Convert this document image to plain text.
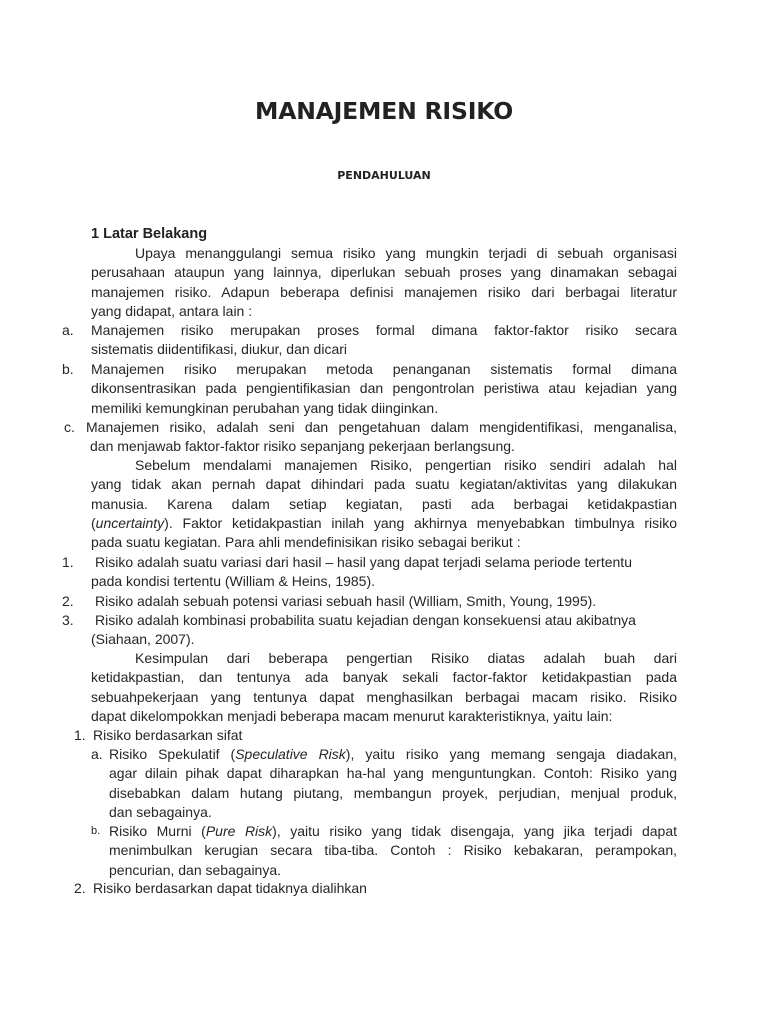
MANAJEMEN RISIKO
PENDAHULUAN
1 Latar Belakang
Upaya menanggulangi semua risiko yang mungkin terjadi di sebuah organisasi
perusahaan ataupun yang lainnya, diperlukan sebuah proses yang dinamakan sebagai
manajemen risiko. Adapun beberapa definisi manajemen risiko dari berbagai literatur
yang didapat, antara lain :
a. Manajemen risiko merupakan proses formal dimana faktor-faktor risiko secara
sistematis diidentifikasi, diukur, dan dicari
b. Manajemen risiko merupakan metoda penanganan sistematis formal dimana
dikonsentrasikan pada pengientifikasian dan pengontrolan peristiwa atau kejadian yang
memiliki kemungkinan perubahan yang tidak diinginkan.
c. Manajemen risiko, adalah seni dan pengetahuan dalam mengidentifikasi, menganalisa,
dan menjawab faktor-faktor risiko sepanjang pekerjaan berlangsung.
Sebelum mendalami manajemen Risiko, pengertian risiko sendiri adalah hal
yang tidak akan pernah dapat dihindari pada suatu kegiatan/aktivitas yang dilakukan
manusia. Karena dalam setiap kegiatan, pasti ada berbagai ketidakpastian
(uncertainty). Faktor ketidakpastian inilah yang akhirnya menyebabkan timbulnya risiko
pada suatu kegiatan. Para ahli mendefinisikan risiko sebagai berikut :
1. Risiko adalah suatu variasi dari hasil – hasil yang dapat terjadi selama periode tertentu
pada kondisi tertentu (William & Heins, 1985).
2. Risiko adalah sebuah potensi variasi sebuah hasil (William, Smith, Young, 1995).
3. Risiko adalah kombinasi probabilita suatu kejadian dengan konsekuensi atau akibatnya
(Siahaan, 2007).
Kesimpulan dari beberapa pengertian Risiko diatas adalah buah dari
ketidakpastian, dan tentunya ada banyak sekali factor-faktor ketidakpastian pada
sebuahpekerjaan yang tentunya dapat menghasilkan berbagai macam risiko. Risiko
dapat dikelompokkan menjadi beberapa macam menurut karakteristiknya, yaitu lain:
1. Risiko berdasarkan sifat
a. Risiko Spekulatif (Speculative Risk), yaitu risiko yang memang sengaja diadakan,
agar dilain pihak dapat diharapkan ha-hal yang menguntungkan. Contoh: Risiko yang
disebabkan dalam hutang piutang, membangun proyek, perjudian, menjual produk,
dan sebagainya.
b. Risiko Murni (Pure Risk), yaitu risiko yang tidak disengaja, yang jika terjadi dapat
menimbulkan kerugian secara tiba-tiba. Contoh : Risiko kebakaran, perampokan,
pencurian, dan sebagainya.
2. Risiko berdasarkan dapat tidaknya dialihkan
